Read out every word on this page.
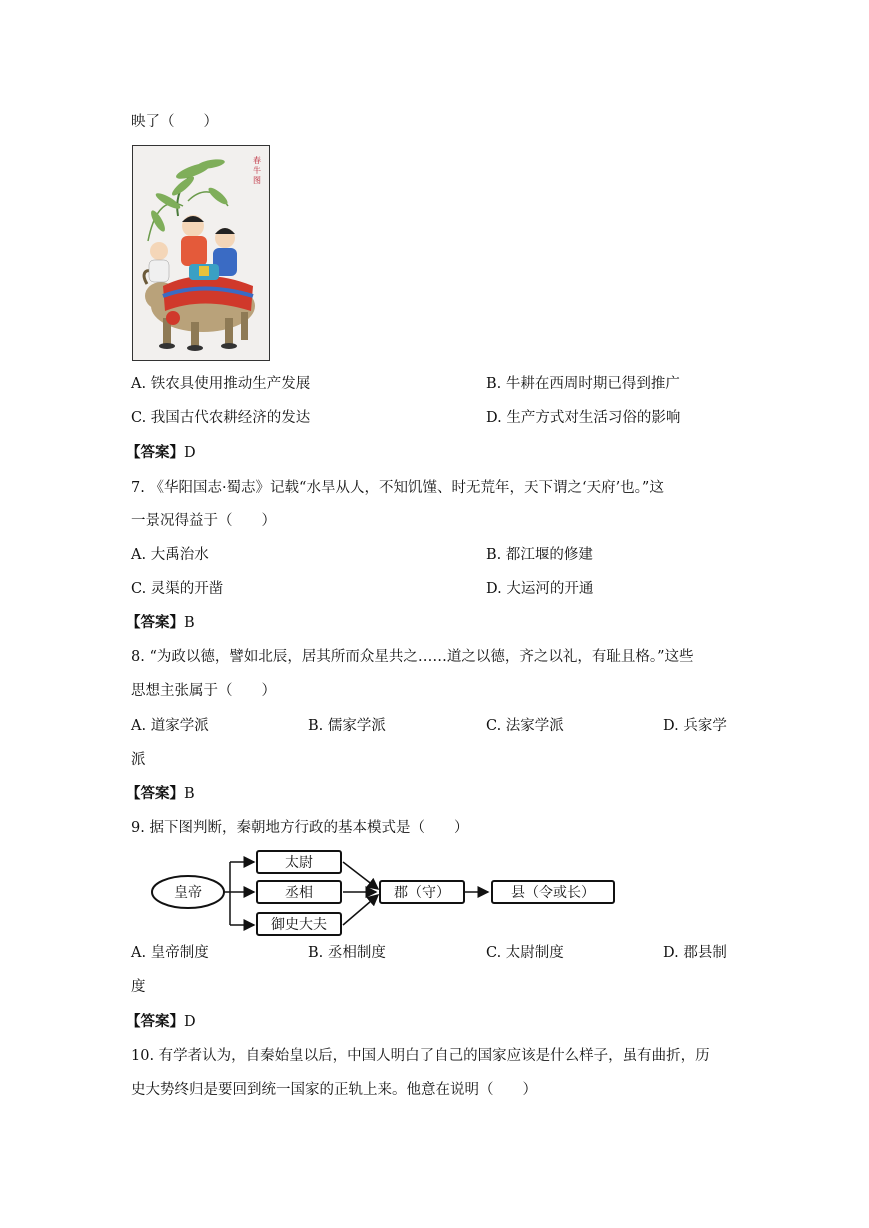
映了（　　）
春牛图
A. 铁农具使用推动生产发展	B. 牛耕在西周时期已得到推广
C. 我国古代农耕经济的发达	D. 生产方式对生活习俗的影响
【答案】D
7. 《华阳国志·蜀志》记载“水旱从人，不知饥馑、时无荒年，天下谓之‘天府’也。”这
一景况得益于（　　）
A. 大禹治水	B. 都江堰的修建
C. 灵渠的开凿	D. 大运河的开通
【答案】B
8. “为政以德，譬如北辰，居其所而众星共之……道之以德，齐之以礼，有耻且格。”这些
思想主张属于（　　）
A. 道家学派	B. 儒家学派	C. 法家学派	D. 兵家学
派
【答案】B
9. 据下图判断，秦朝地方行政的基本模式是（　　）
皇帝
太尉
丞相
御史大夫
郡（守）	县（令或长）
A. 皇帝制度	B. 丞相制度	C. 太尉制度	D. 郡县制
度
【答案】D
10. 有学者认为，自秦始皇以后，中国人明白了自己的国家应该是什么样子，虽有曲折，历
史大势终归是要回到统一国家的正轨上来。他意在说明（　　）
